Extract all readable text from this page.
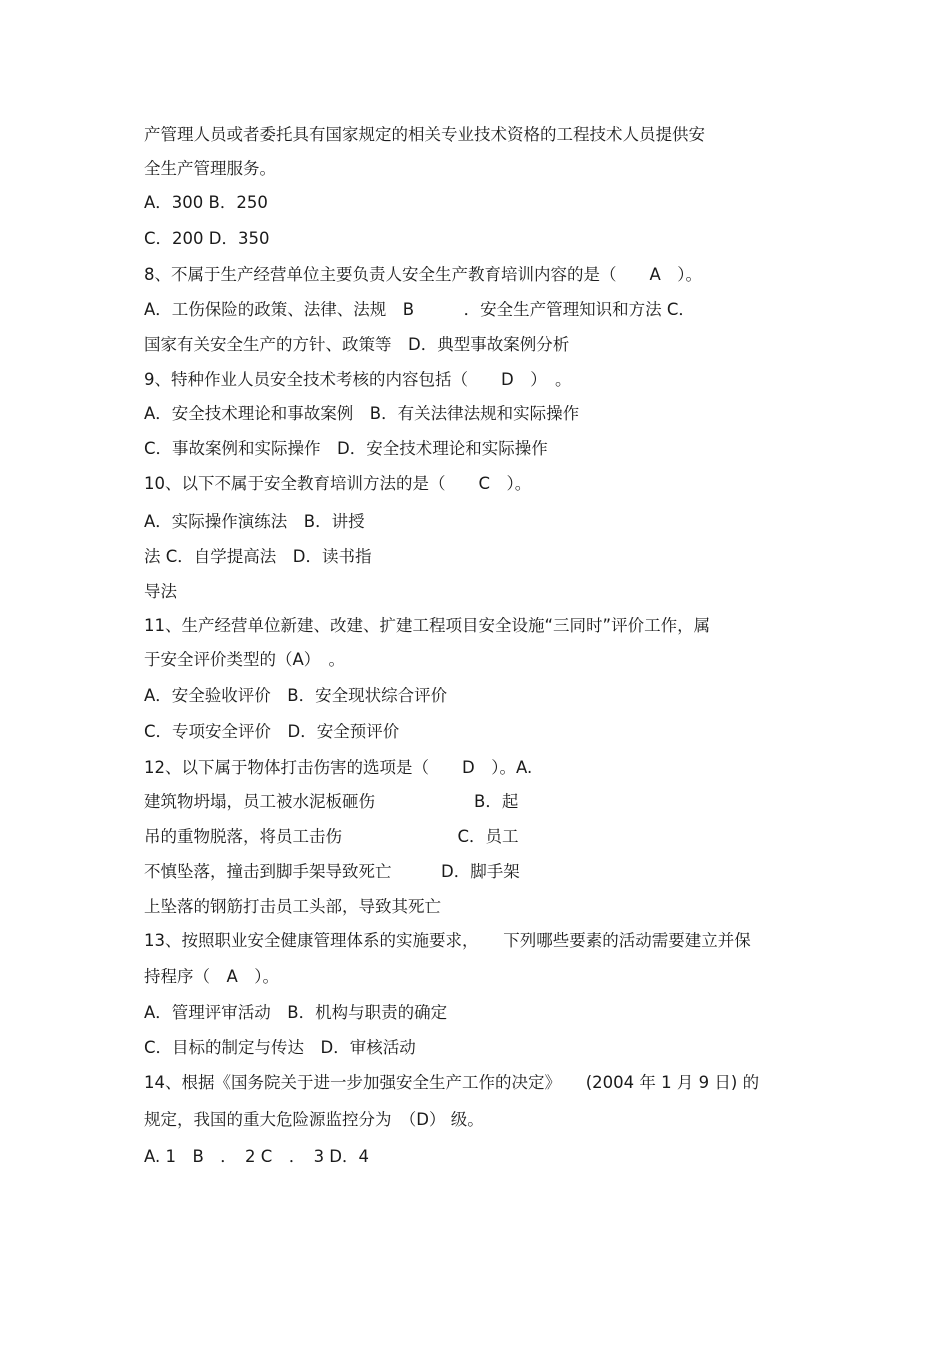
产管理人员或者委托具有国家规定的相关专业技术资格的工程技术人员提供安
全生产管理服务。
A．300 B．250
C．200 D．350
8、不属于生产经营单位主要负责人安全生产教育培训内容的是（　　A　）。
A．工伤保险的政策、法律、法规　B　　　．安全生产管理知识和方法 C．
国家有关安全生产的方针、政策等　D．典型事故案例分析
9、特种作业人员安全技术考核的内容包括（　　D　）　。
A．安全技术理论和事故案例　B．有关法律法规和实际操作
C．事故案例和实际操作　D．安全技术理论和实际操作
10、以下不属于安全教育培训方法的是（　　C　）。
A．实际操作演练法　B．讲授
法 C．自学提高法　D．读书指
导法
11、生产经营单位新建、改建、扩建工程项目安全设施“三同时”评价工作，属
于安全评价类型的（A）　。
A．安全验收评价　B．安全现状综合评价
C．专项安全评价　D．安全预评价
12、以下属于物体打击伤害的选项是（　　D　）。A.
建筑物坍塌，员工被水泥板砸伤　　　　　　B．起
吊的重物脱落，将员工击伤　　　　　　　C．员工
不慎坠落，撞击到脚手架导致死亡　　　D．脚手架
上坠落的钢筋打击员工头部，导致其死亡
13、按照职业安全健康管理体系的实施要求，　　下列哪些要素的活动需要建立并保
持程序（　A　）。
A．管理评审活动　B．机构与职责的确定
C．目标的制定与传达　D．审核活动
14、根据《国务院关于进一步加强安全生产工作的决定》　　(2004 年 1 月 9 日) 的
规定，我国的重大危险源监控分为　（D） 级。
A. 1　B　．　2 C　．　3 D．4
